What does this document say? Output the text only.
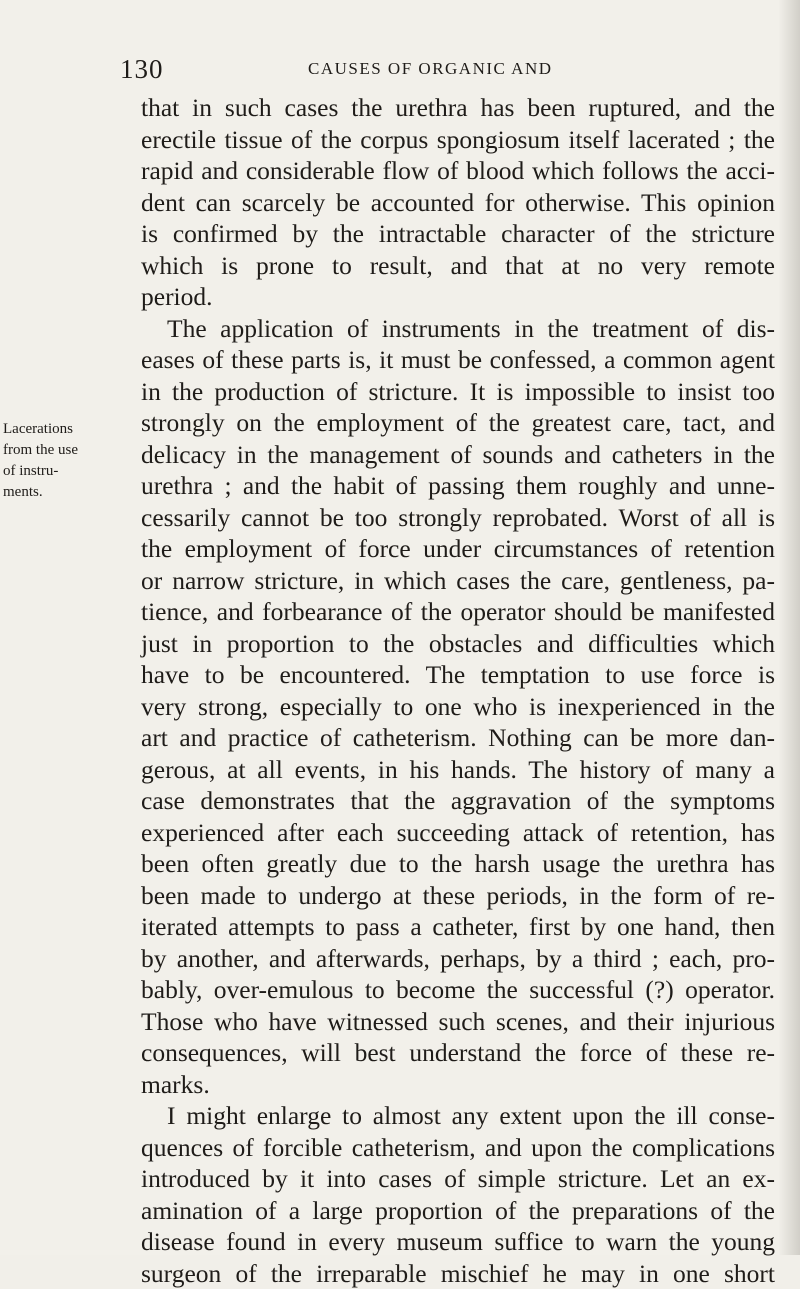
130	CAUSES OF ORGANIC AND
Lacerations
from the use
of instru-
ments.
that in such cases the urethra has been ruptured, and the
erectile tissue of the corpus spongiosum itself lacerated ; the
rapid and considerable flow of blood which follows the acci-
dent can scarcely be accounted for otherwise. This opinion
is confirmed by the intractable character of the stricture
which is prone to result, and that at no very remote
period.
The application of instruments in the treatment of dis-
eases of these parts is, it must be confessed, a common agent
in the production of stricture. It is impossible to insist too
strongly on the employment of the greatest care, tact, and
delicacy in the management of sounds and catheters in the
urethra ; and the habit of passing them roughly and unne-
cessarily cannot be too strongly reprobated. Worst of all is
the employment of force under circumstances of retention
or narrow stricture, in which cases the care, gentleness, pa-
tience, and forbearance of the operator should be manifested
just in proportion to the obstacles and difficulties which
have to be encountered. The temptation to use force is
very strong, especially to one who is inexperienced in the
art and practice of catheterism. Nothing can be more dan-
gerous, at all events, in his hands. The history of many a
case demonstrates that the aggravation of the symptoms
experienced after each succeeding attack of retention, has
been often greatly due to the harsh usage the urethra has
been made to undergo at these periods, in the form of re-
iterated attempts to pass a catheter, first by one hand, then
by another, and afterwards, perhaps, by a third ; each, pro-
bably, over-emulous to become the successful (?) operator.
Those who have witnessed such scenes, and their injurious
consequences, will best understand the force of these re-
marks.
I might enlarge to almost any extent upon the ill conse-
quences of forcible catheterism, and upon the complications
introduced by it into cases of simple stricture. Let an ex-
amination of a large proportion of the preparations of the
disease found in every museum suffice to warn the young
surgeon of the irreparable mischief he may in one short
